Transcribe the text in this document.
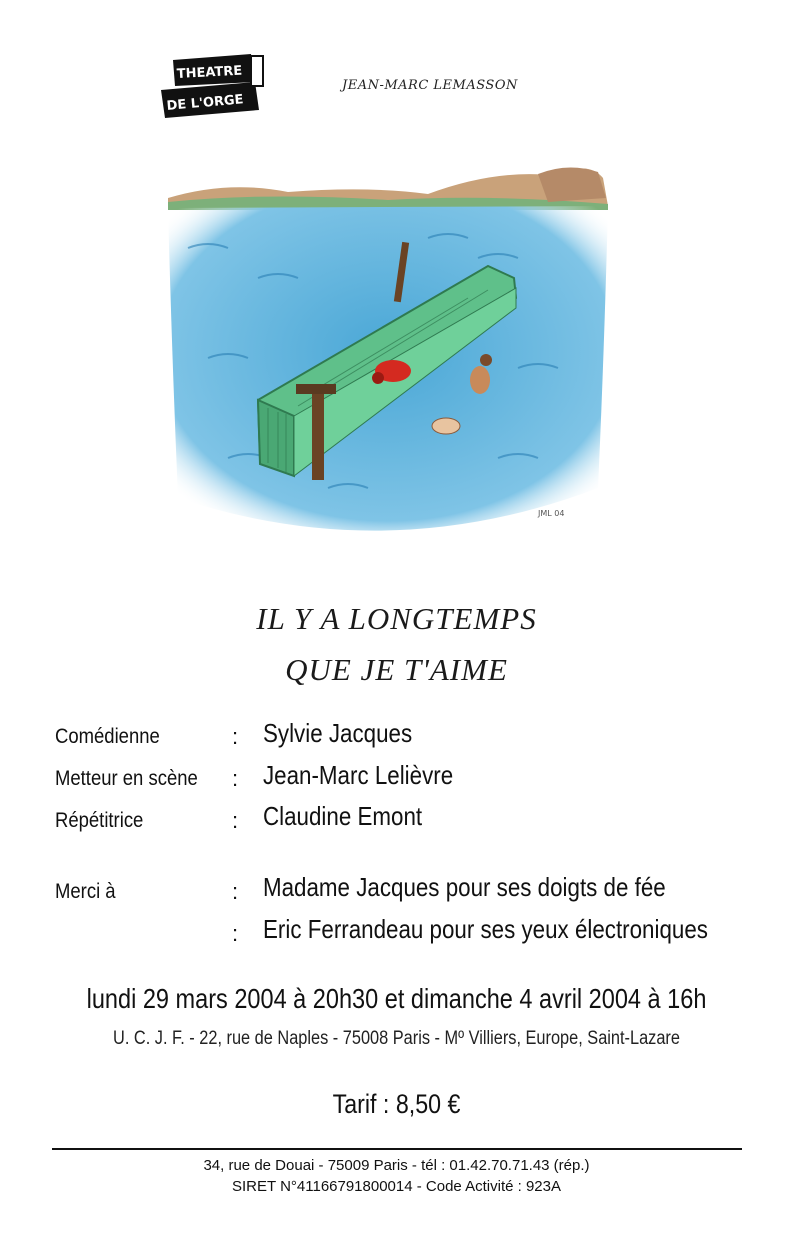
THEATRE
DE L'ORGE
JEAN-MARC LEMASSON
JML 04
IL Y A LONGTEMPS
QUE JE T'AIME
Comédienne	: Sylvie Jacques
Metteur en scène : Jean-Marc Lelièvre
Répétitrice	: Claudine Emont
Merci à	: Madame Jacques pour ses doigts de fée
: Eric Ferrandeau pour ses yeux électroniques
lundi 29 mars 2004 à 20h30 et dimanche 4 avril 2004 à 16h
U. C. J. F. - 22, rue de Naples - 75008 Paris - Mº Villiers, Europe, Saint-Lazare
Tarif : 8,50 €
34, rue de Douai - 75009 Paris - tél : 01.42.70.71.43 (rép.)
SIRET N°41166791800014 - Code Activité : 923A
